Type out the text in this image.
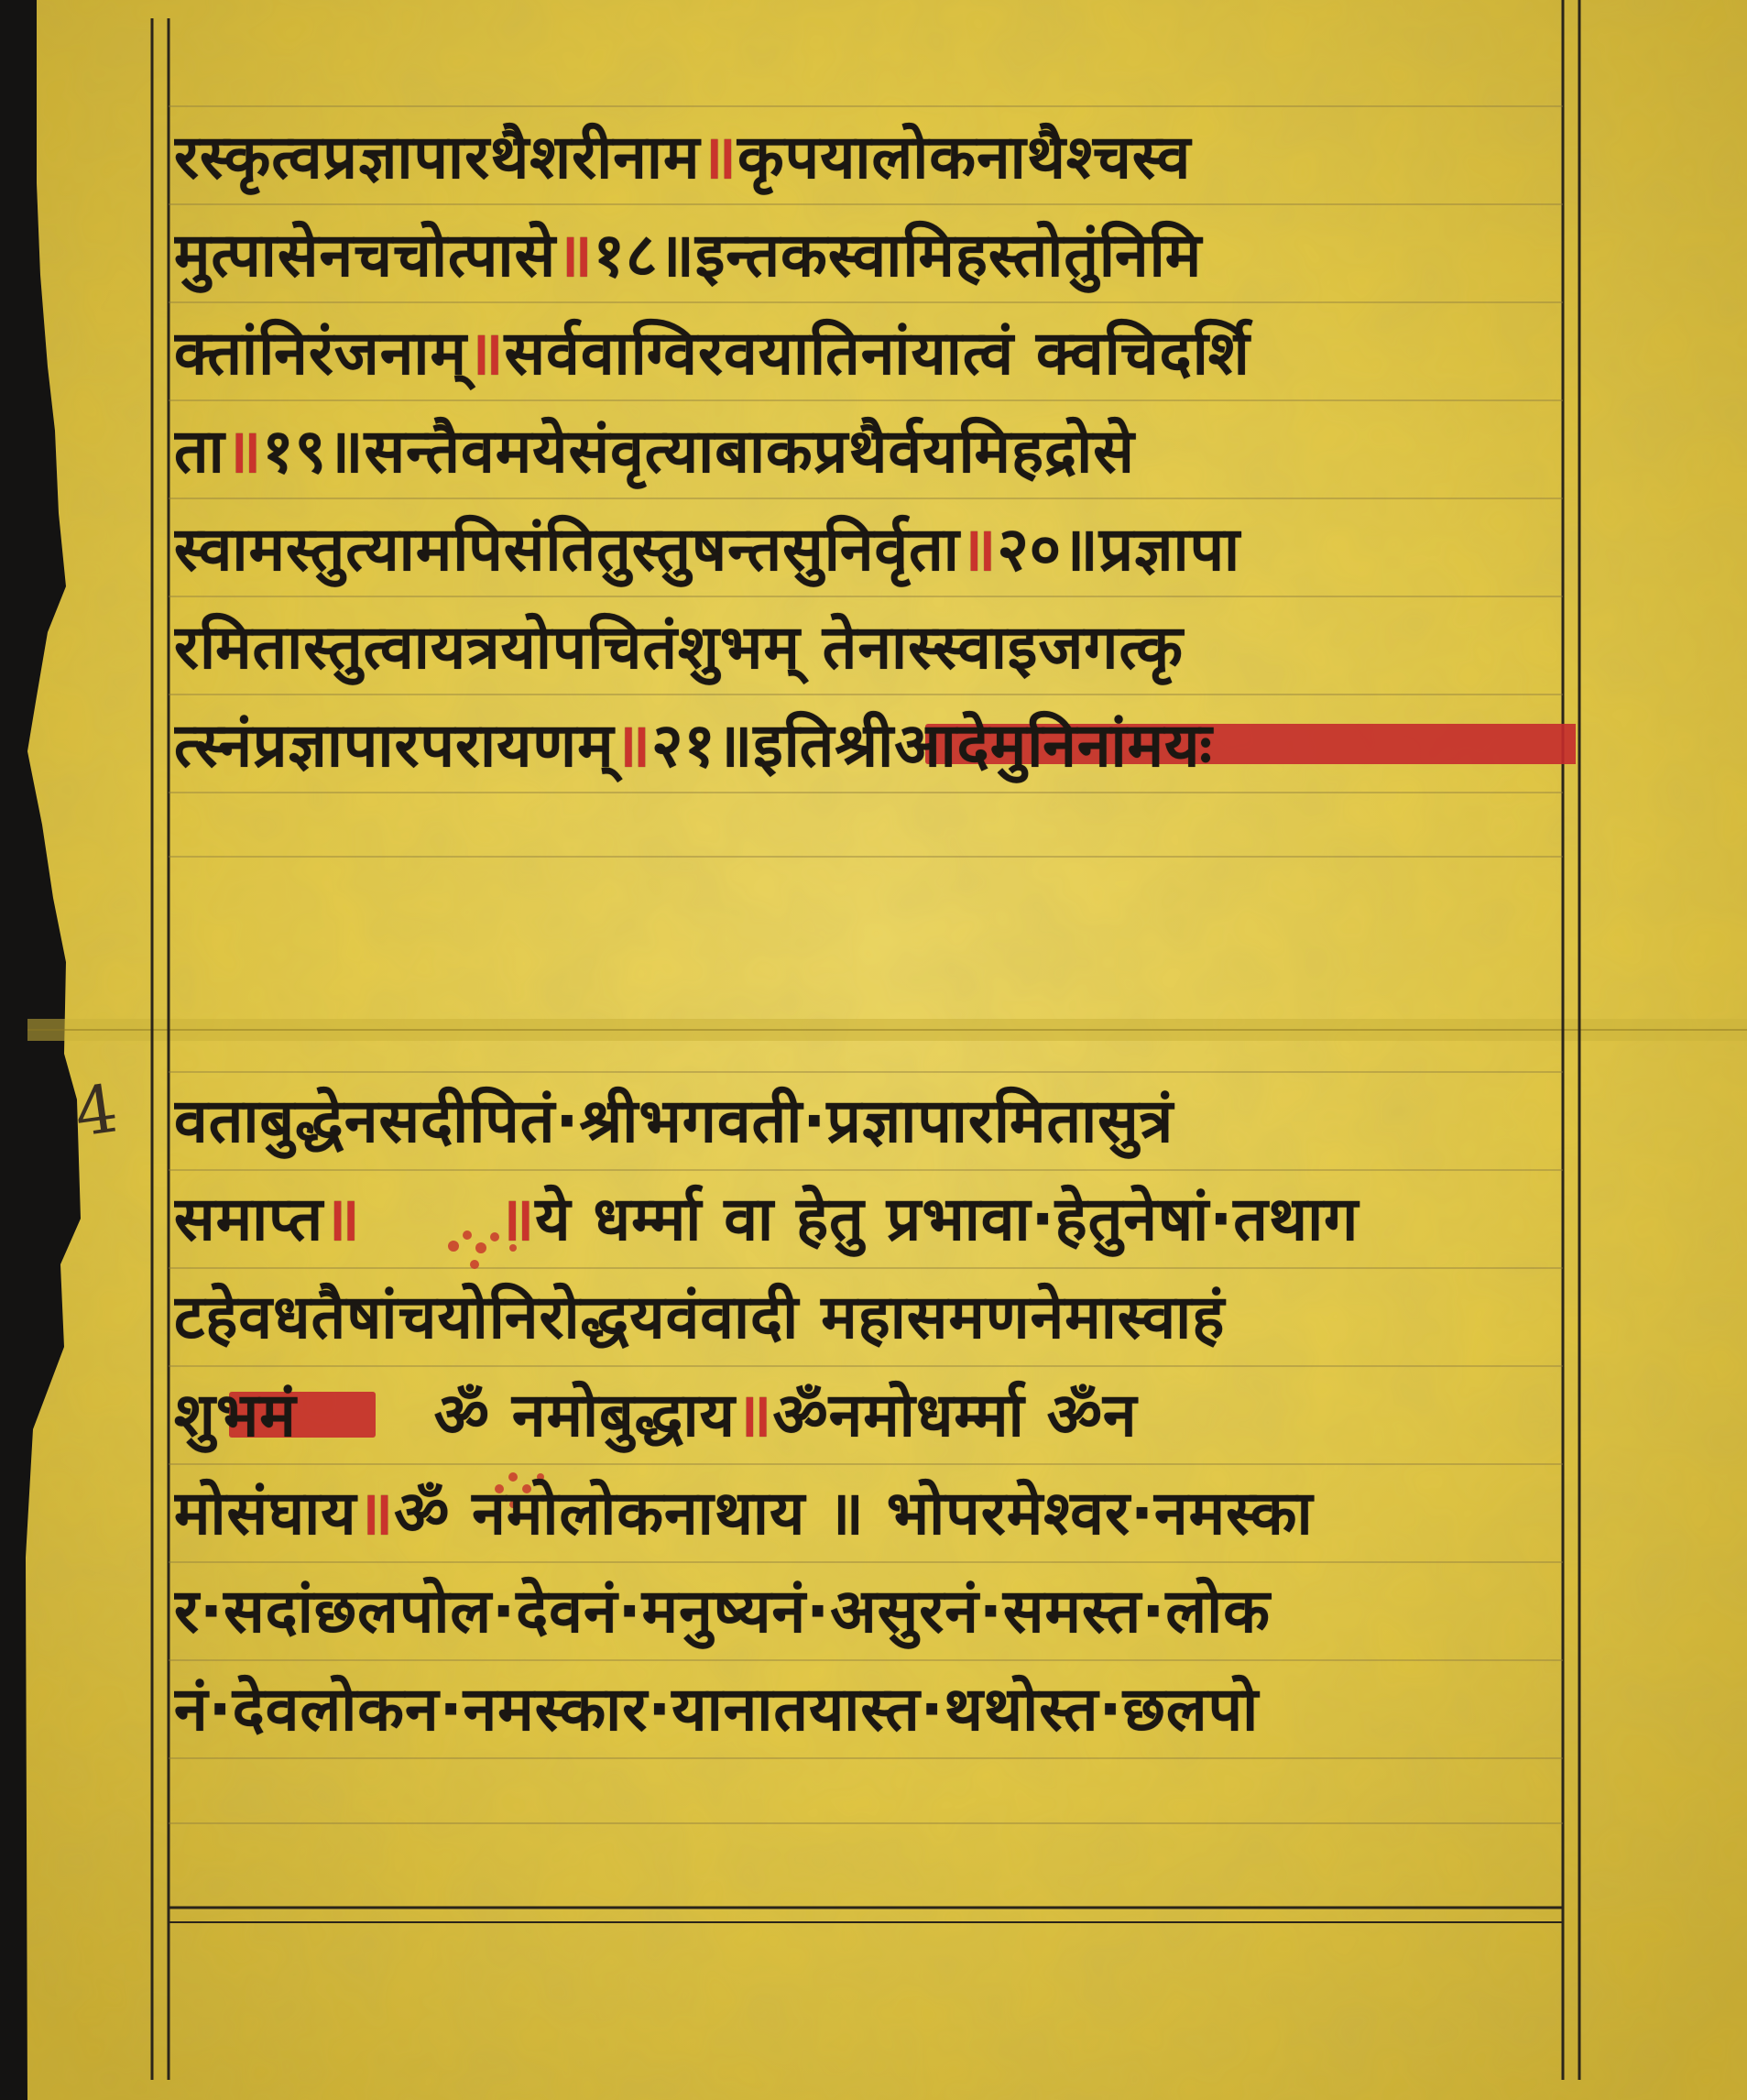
4
रस्कृत्वप्रज्ञापारथैशरीनाम॥कृपयालोकनाथैश्चस्व
मुत्पासेनचचोत्पासे॥१८॥इन्तकस्वामिहस्तोतुंनिमि
क्तांनिरंजनाम्॥सर्ववाग्विरवयातिनांयात्वं क्वचिदर्शि
ता॥१९॥सन्तैवमयेसंवृत्याबाकप्रथैर्वयमिहद्रोसे
स्वामस्तुत्यामपिसंतितुस्तुषन्तसुनिर्वृता॥२०॥प्रज्ञापा
रमितास्तुत्वायत्रयोपचितंशुभम् तेनास्स्वाइजगत्कृ
त्स्नंप्रज्ञापारपरायणम्॥२१॥इतिश्रीआदेमुनिनांमयः
वताबुद्धेनसदीपितं·श्रीभगवती·प्रज्ञापारमितासुत्रं
समाप्त॥ ॥ये धर्म्मा वा हेतु प्रभावा·हेतुनेषां·तथाग
टहेवधतैषांचयोनिरोद्धयवंवादी महासमणनेमास्वाहं
शुभमं ॐ नमोबुद्धाय॥ॐनमोधर्म्मा ॐन
मोसंघाय॥ॐ नमोलोकनाथाय ॥ भोपरमेश्वर·नमस्का
र·सदांछलपोल·देवनं·मनुष्यनं·असुरनं·समस्त·लोक
नं·देवलोकन·नमस्कार·यानातयास्त·थथोस्त·छलपो
